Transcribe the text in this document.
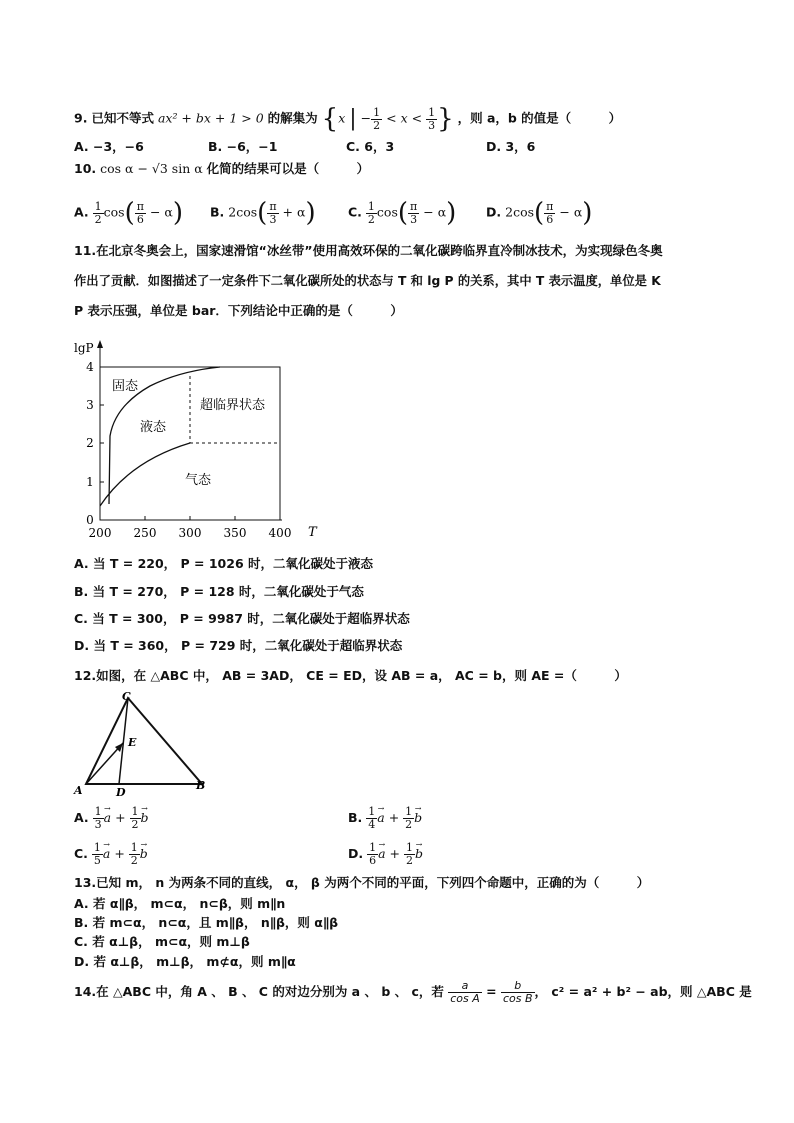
9. 已知不等式 ax² + bx + 1 > 0 的解集为 {x | − $\frac{1}{2} < x < \frac{1}{3}$ } ，则 a，b 的值是（　　　）
A. −3，−6	B. −6，−1	C. 6，3	D. 3，6
10. cos α − √3 sin α 化简的结果可以是（　　　）
A. $\frac{1}{2} \cos( \frac{\pi}{6} - \alpha)$ B. $2\cos( \frac{\pi}{3} + \alpha)$	C. $\frac{1}{2} \cos( \frac{\pi}{3} - \alpha)$ D. $2\cos( \frac{\pi}{6} - \alpha)$
11.在北京冬奥会上，国家速滑馆“冰丝带”使用高效环保的二氧化碳跨临界直冷制冰技术，为实现绿色冬奥
作出了贡献．如图描述了一定条件下二氧化碳所处的状态与 T 和 lg P 的关系，其中 T 表示温度，单位是 K
P 表示压强，单位是 bar．下列结论中正确的是（　　　）
0
1
2
3
4
200 250 300 350 400
lgP
T
固态
液态
超临界状态
气态
A. 当 T = 220， P = 1026 时，二氧化碳处于液态
B. 当 T = 270， P = 128 时，二氧化碳处于气态
C. 当 T = 300， P = 9987 时，二氧化碳处于超临界状态
D. 当 T = 360， P = 729 时，二氧化碳处于超临界状态
12.如图，在 △ABC 中， AB = 3AD， CE = ED，设 AB = a， AC = b，则 AE =（　　　）
C
E
A	D
B
A. $\frac{1}{3}$
→ $a + \frac{1}{2}$
→ b	B. $\frac{1}{4}$
→ $a + \frac{1}{2}$
→ b
C. $\frac{1}{5}$
→ $a + \frac{1}{2}$
→ b	D. $\frac{1}{6}$
→ $a + \frac{1}{2}$
→ b
13.已知 m， n 为两条不同的直线， α， β 为两个不同的平面，下列四个命题中，正确的为（　　　）
A. 若 α∥β， m⊂α， n⊂β，则 m∥n
B. 若 m⊂α， n⊂α，且 m∥β， n∥β，则 α∥β
C. 若 α⊥β， m⊂α，则 m⊥β
D. 若 α⊥β， m⊥β， m⊄α，则 m∥α
14.在 △ABC 中，角 A 、 B 、 C 的对边分别为 a 、 b 、 c，若 $\frac{a}{\text{cos A}} = \frac{b}{\text{cos B}}$ ， c² = a² + b² − ab，则 △ABC 是
